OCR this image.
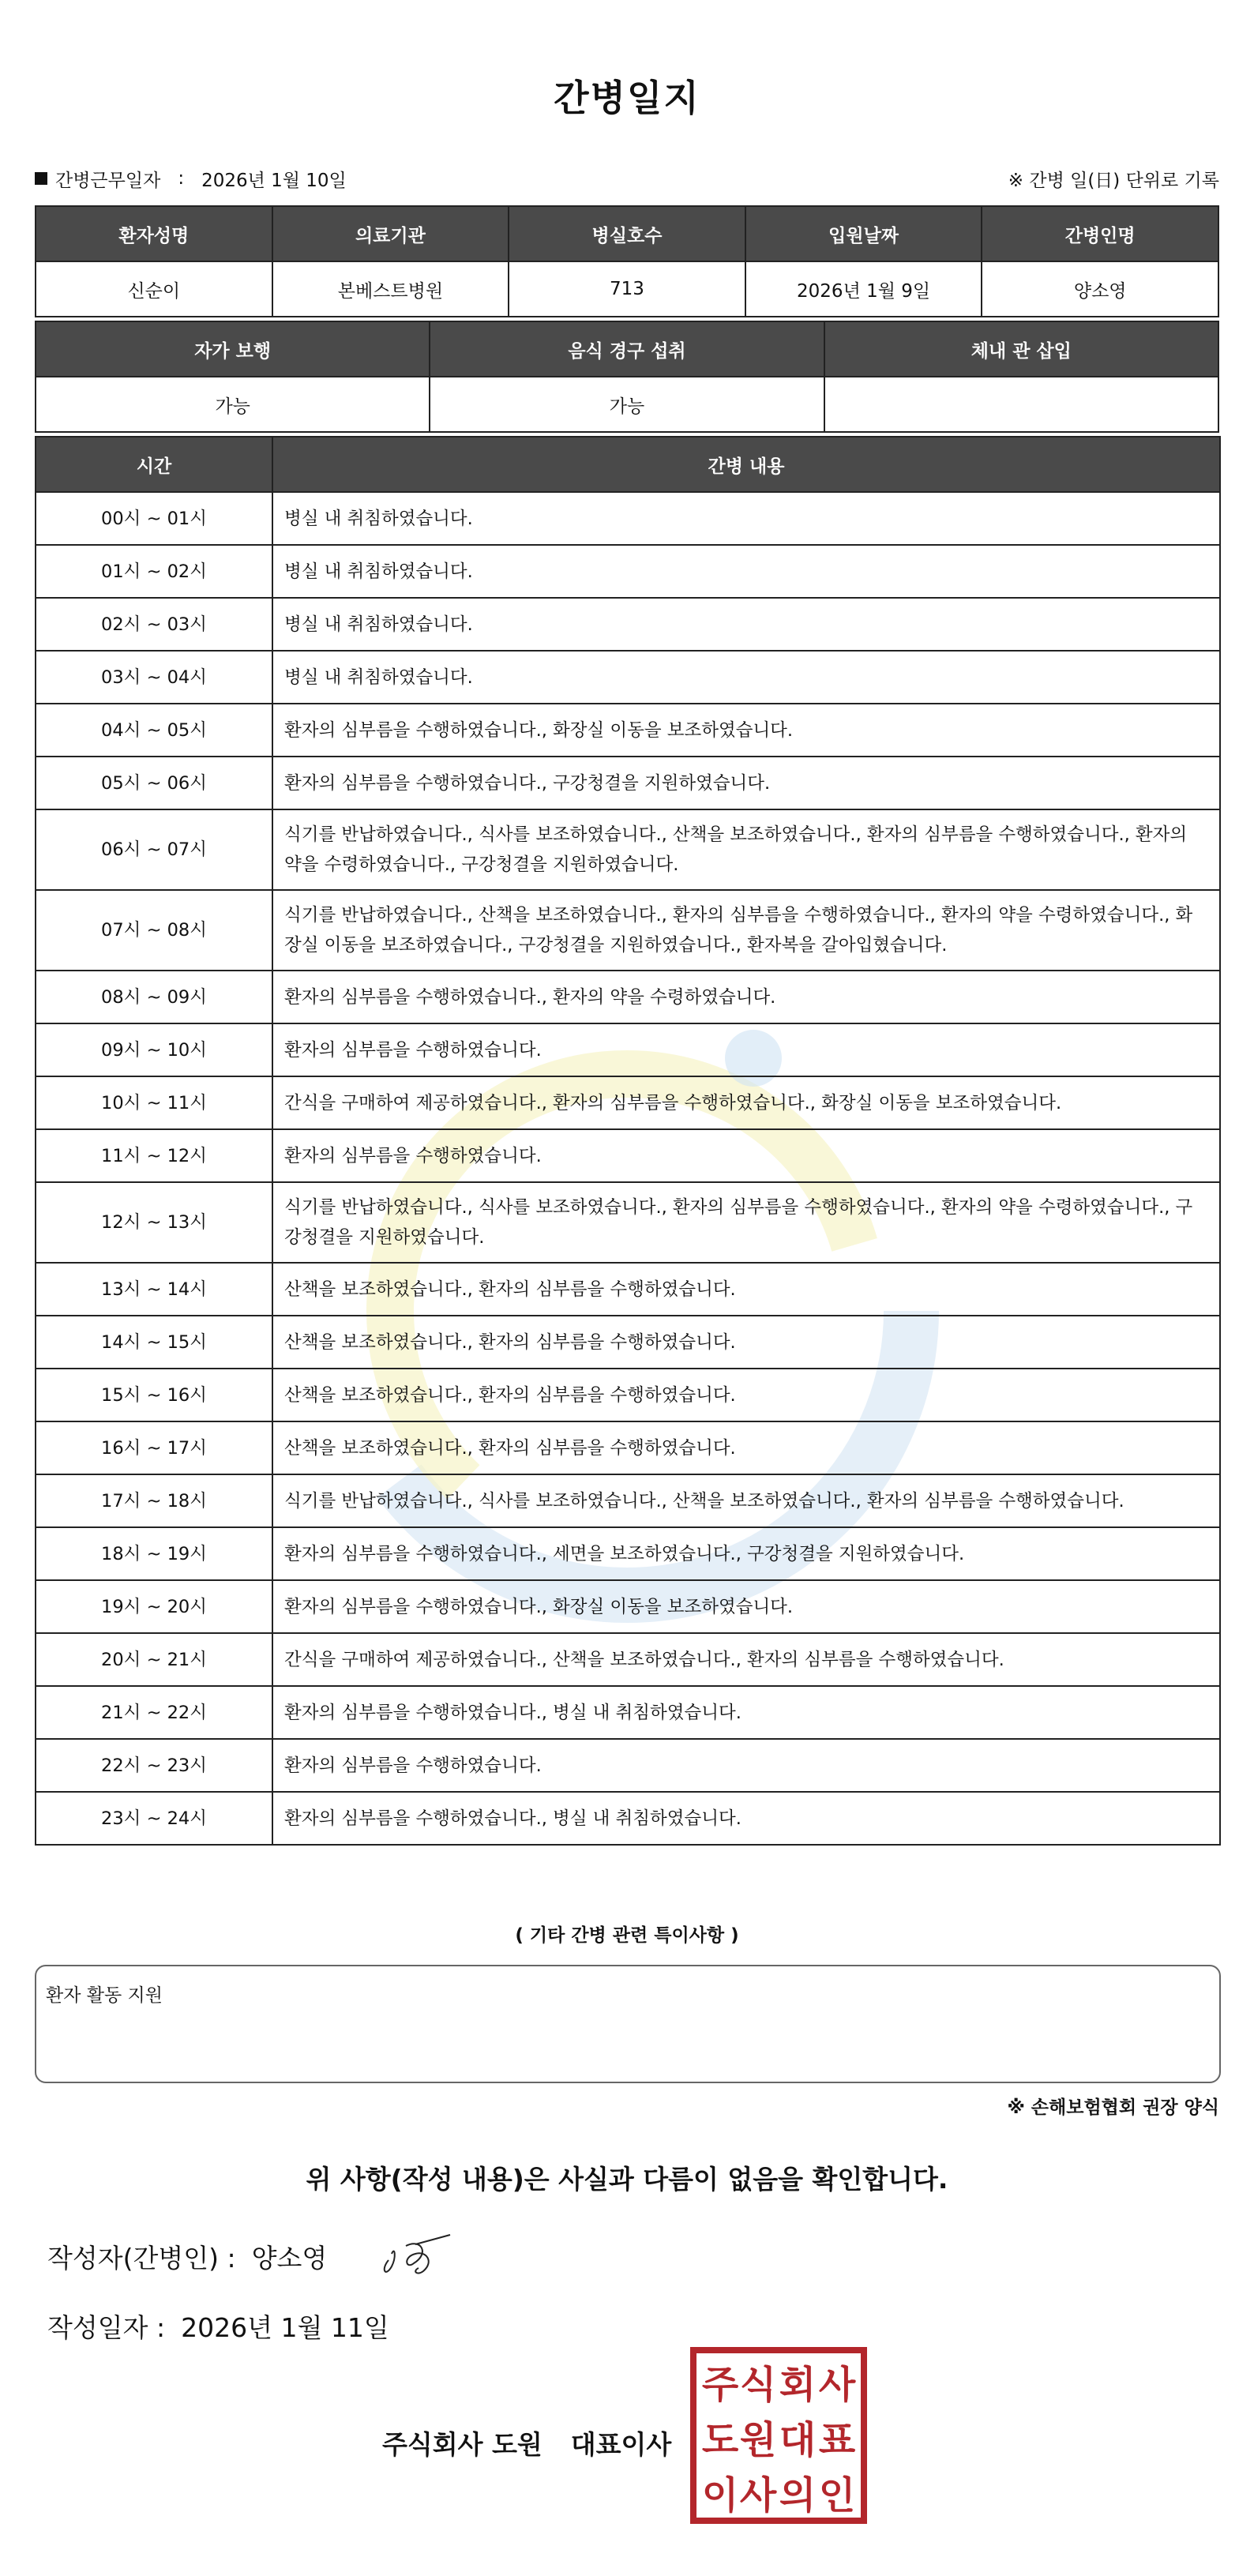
간병일지
간병근무일자 : 2026년 1월 10일	※ 간병 일(日) 단위로 기록
환자성명	의료기관	병실호수	입원날짜	간병인명
신순이	본베스트병원	713	2026년 1월 9일	양소영
자가 보행	음식 경구 섭취	체내 관 삽입
가능	가능	
시간	간병 내용
00시 ~ 01시	병실 내 취침하였습니다.
01시 ~ 02시	병실 내 취침하였습니다.
02시 ~ 03시	병실 내 취침하였습니다.
03시 ~ 04시	병실 내 취침하였습니다.
04시 ~ 05시	환자의 심부름을 수행하였습니다., 화장실 이동을 보조하였습니다.
05시 ~ 06시	환자의 심부름을 수행하였습니다., 구강청결을 지원하였습니다.
06시 ~ 07시	식기를 반납하였습니다., 식사를 보조하였습니다., 산책을 보조하였습니다., 환자의 심부름을 수행하였습니다., 환자의 약을 수령하였습니다., 구강청결을 지원하였습니다.
07시 ~ 08시	식기를 반납하였습니다., 산책을 보조하였습니다., 환자의 심부름을 수행하였습니다., 환자의 약을 수령하였습니다., 화장실 이동을 보조하였습니다., 구강청결을 지원하였습니다., 환자복을 갈아입혔습니다.
08시 ~ 09시	환자의 심부름을 수행하였습니다., 환자의 약을 수령하였습니다.
09시 ~ 10시	환자의 심부름을 수행하였습니다.
10시 ~ 11시	간식을 구매하여 제공하였습니다., 환자의 심부름을 수행하였습니다., 화장실 이동을 보조하였습니다.
11시 ~ 12시	환자의 심부름을 수행하였습니다.
12시 ~ 13시	식기를 반납하였습니다., 식사를 보조하였습니다., 환자의 심부름을 수행하였습니다., 환자의 약을 수령하였습니다., 구강청결을 지원하였습니다.
13시 ~ 14시	산책을 보조하였습니다., 환자의 심부름을 수행하였습니다.
14시 ~ 15시	산책을 보조하였습니다., 환자의 심부름을 수행하였습니다.
15시 ~ 16시	산책을 보조하였습니다., 환자의 심부름을 수행하였습니다.
16시 ~ 17시	산책을 보조하였습니다., 환자의 심부름을 수행하였습니다.
17시 ~ 18시	식기를 반납하였습니다., 식사를 보조하였습니다., 산책을 보조하였습니다., 환자의 심부름을 수행하였습니다.
18시 ~ 19시	환자의 심부름을 수행하였습니다., 세면을 보조하였습니다., 구강청결을 지원하였습니다.
19시 ~ 20시	환자의 심부름을 수행하였습니다., 화장실 이동을 보조하였습니다.
20시 ~ 21시	간식을 구매하여 제공하였습니다., 산책을 보조하였습니다., 환자의 심부름을 수행하였습니다.
21시 ~ 22시	환자의 심부름을 수행하였습니다., 병실 내 취침하였습니다.
22시 ~ 23시	환자의 심부름을 수행하였습니다.
23시 ~ 24시	환자의 심부름을 수행하였습니다., 병실 내 취침하였습니다.
( 기타 간병 관련 특이사항 )
환자 활동 지원
※ 손해보험협회 권장 양식
위 사항(작성 내용)은 사실과 다름이 없음을 확인합니다.
작성자(간병인) : 양소영
작성일자 : 2026년 1월 11일
주식회사 도원 대표이사
주 식 회 사
도 원 대 표
이 사 의 인
